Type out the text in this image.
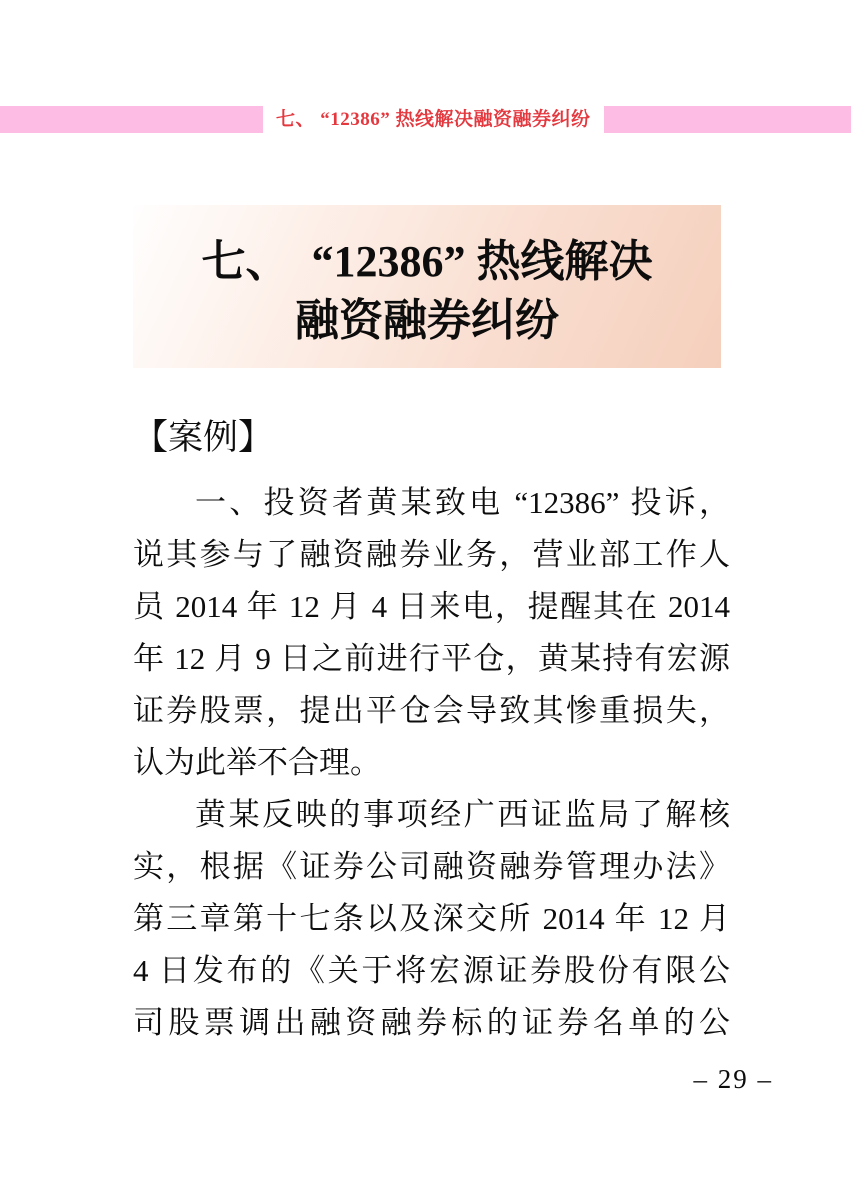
七、 “12386” 热线解决融资融券纠纷
七、　“12386” 热线解决
融资融券纠纷
【案例】
一、投资者黄某致电 “12386” 投诉，
说其参与了融资融券业务，营业部工作人
员 2014 年 12 月 4 日来电，提醒其在 2014
年 12 月 9 日之前进行平仓，黄某持有宏源
证券股票，提出平仓会导致其惨重损失，
认为此举不合理。
黄某反映的事项经广西证监局了解核
实，根据《证券公司融资融券管理办法》
第三章第十七条以及深交所 2014 年 12 月
4 日发布的《关于将宏源证券股份有限公
司股票调出融资融券标的证券名单的公
– 29 –
